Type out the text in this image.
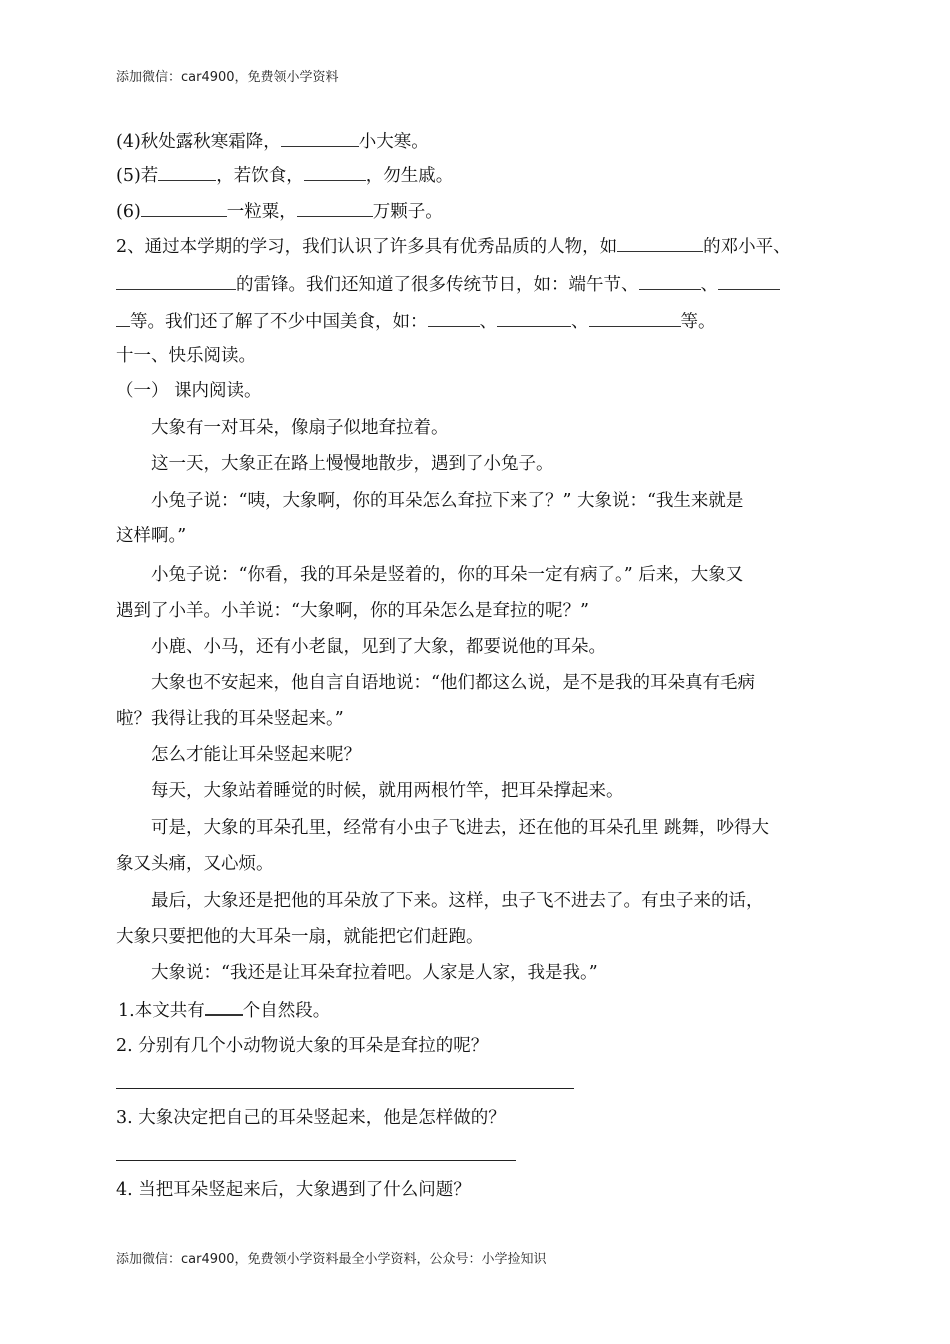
添加微信：car4900，免费领小学资料
(4)秋处露秋寒霜降，	小大寒。
(5)若	，若饮食，	，勿生戚。
(6)	一粒粟，	万颗子。
2、通过本学期的学习，我们认识了许多具有优秀品质的人物，如	的邓小平、
的雷锋。我们还知道了很多传统节日，如：端午节、	、
等。我们还了解了不少中国美食，如：	、	、	等。
十一、快乐阅读。
（一） 课内阅读。
大象有一对耳朵，像扇子似地耷拉着。
这一天，大象正在路上慢慢地散步，遇到了小兔子。
小兔子说：“咦，大象啊，你的耳朵怎么耷拉下来了？” 大象说：“我生来就是
这样啊。”
小兔子说：“你看，我的耳朵是竖着的，你的耳朵一定有病了。” 后来，大象又
遇到了小羊。小羊说：“大象啊，你的耳朵怎么是耷拉的呢？”
小鹿、小马，还有小老鼠，见到了大象，都要说他的耳朵。
大象也不安起来，他自言自语地说：“他们都这么说，是不是我的耳朵真有毛病
啦？我得让我的耳朵竖起来。”
怎么才能让耳朵竖起来呢？
每天，大象站着睡觉的时候，就用两根竹竿，把耳朵撑起来。
可是，大象的耳朵孔里，经常有小虫子飞进去，还在他的耳朵孔里 跳舞，吵得大
象又头痛，又心烦。
最后，大象还是把他的耳朵放了下来。这样，虫子飞不进去了。有虫子来的话，
大象只要把他的大耳朵一扇，就能把它们赶跑。
大象说：“我还是让耳朵耷拉着吧。人家是人家，我是我。”
1.本文共有 个自然段。
2. 分别有几个小动物说大象的耳朵是耷拉的呢？
3. 大象决定把自己的耳朵竖起来，他是怎样做的？
4. 当把耳朵竖起来后，大象遇到了什么问题？
添加微信：car4900，免费领小学资料最全小学资料，公众号：小学捡知识
